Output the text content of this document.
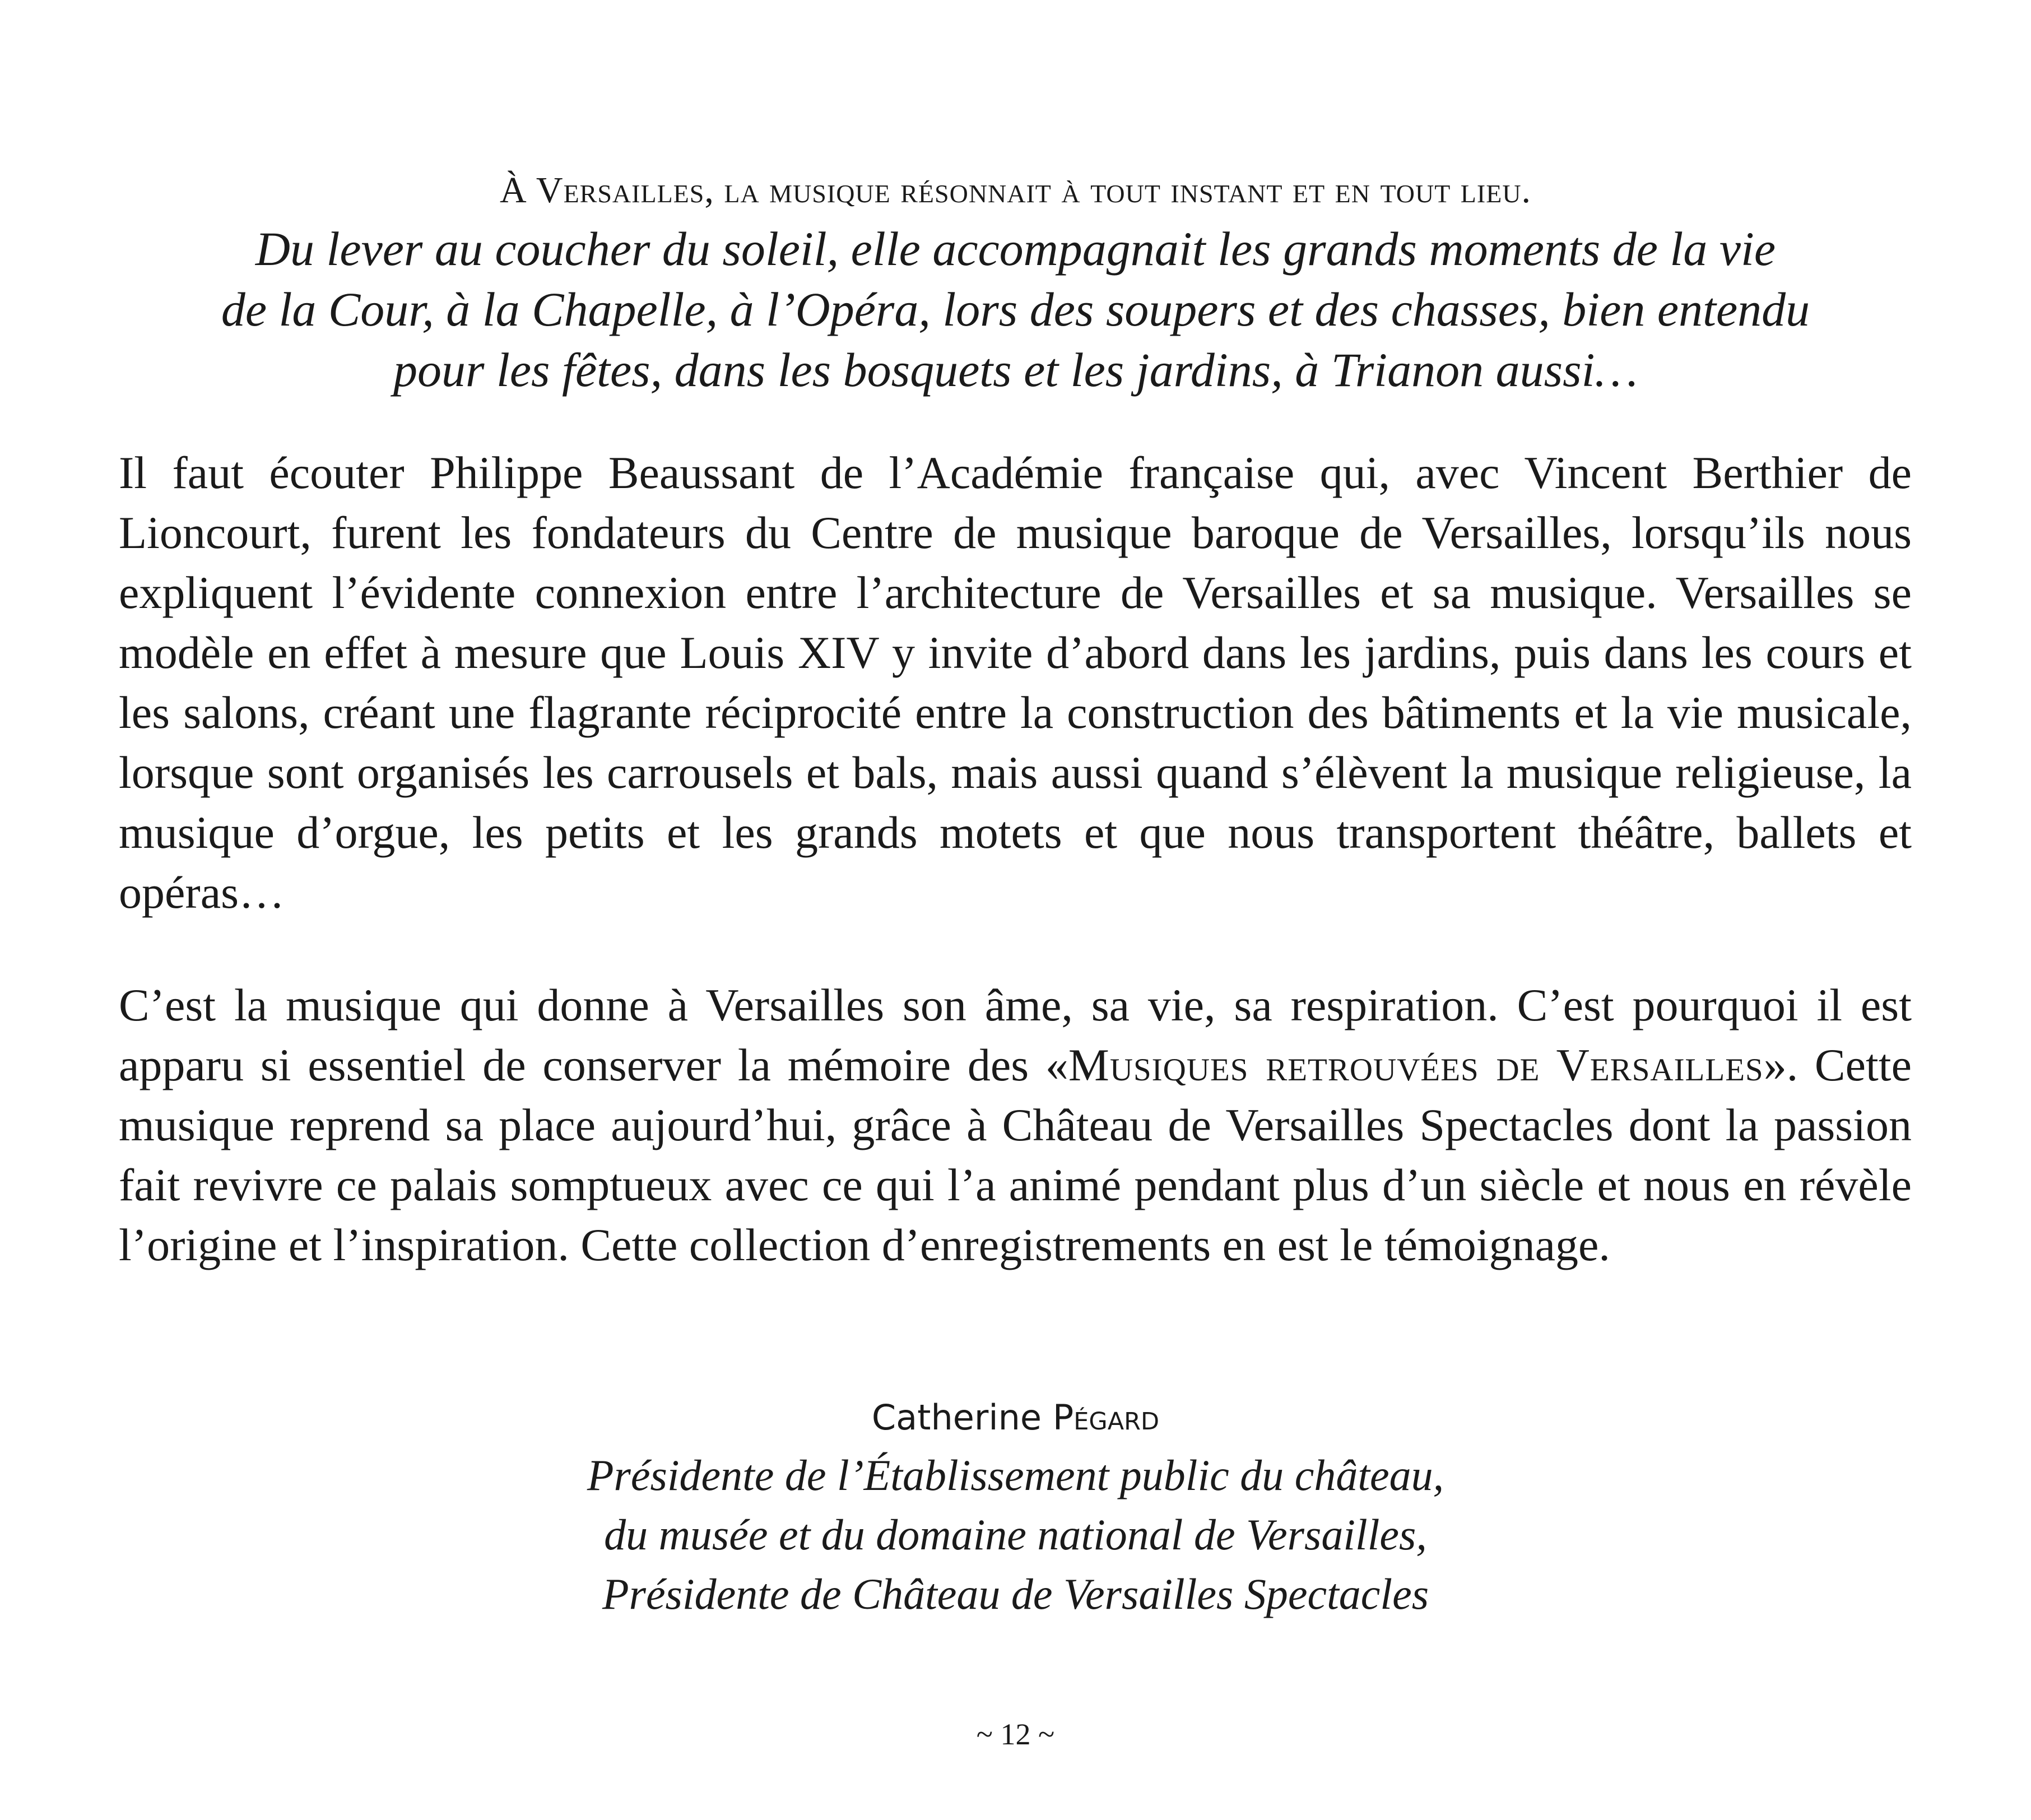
À Versailles, la musique résonnait à tout instant et en tout lieu.

Du lever au coucher du soleil, elle accompagnait les grands moments de la vie
de la Cour, à la Chapelle, à l’Opéra, lors des soupers et des chasses, bien entendu
pour les fêtes, dans les bosquets et les jardins, à Trianon aussi…

Il faut écouter Philippe Beaussant de l’Académie française qui, avec Vincent Berthier de Lioncourt, furent les fondateurs du Centre de musique baroque de Versailles, lorsqu’ils nous expliquent l’évidente connexion entre l’architecture de Versailles et sa musique. Versailles se modèle en effet à mesure que Louis XIV y invite d’abord dans les jardins, puis dans les cours et les salons, créant une flagrante réciprocité entre la construction des bâtiments et la vie musicale, lorsque sont organisés les carrousels et bals, mais aussi quand s’élèvent la musique religieuse, la musique d’orgue, les petits et les grands motets et que nous transportent théâtre, ballets et opéras…

C’est la musique qui donne à Versailles son âme, sa vie, sa respiration. C’est pourquoi il est apparu si essentiel de conserver la mémoire des «Musiques retrouvées de Versailles». Cette musique reprend sa place aujourd’hui, grâce à Château de Versailles Spectacles dont la passion fait revivre ce palais somptueux avec ce qui l’a animé pendant plus d’un siècle et nous en révèle l’origine et l’inspiration. Cette collection d’enregistrements en est le témoignage.

Catherine Pégard

Présidente de l’Établissement public du château,
du musée et du domaine national de Versailles,
Présidente de Château de Versailles Spectacles

~ 12 ~
